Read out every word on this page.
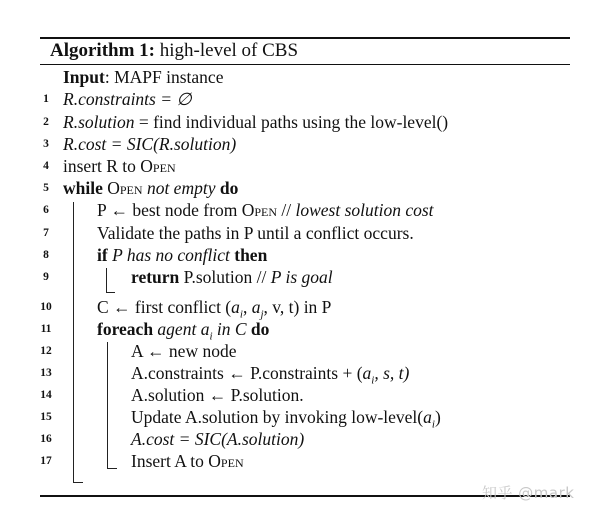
Algorithm 1: high-level of CBS
Input: MAPF instance
1 R.constraints = ∅
2 R.solution = find individual paths using the low-level()
3 R.cost = SIC(R.solution)
4 insert R to Open
5 while Open not empty do
6	P ← best node from Open // lowest solution cost
7	Validate the paths in P until a conflict occurs.
8	if P has no conflict then
9	return P.solution // P is goal
10	C ← first conflict ($a_i$, $a_j$, v, t) in P
11	foreach agent $a_i$ in C do
12	A ← new node
13	A.constraints ← P.constraints + ($a_i$, s, t)
14	A.solution ← P.solution.
15	Update A.solution by invoking low-$level(a_i)$
16	A.cost = SIC(A.solution)
17	Insert A to Open
知乎 @mark
